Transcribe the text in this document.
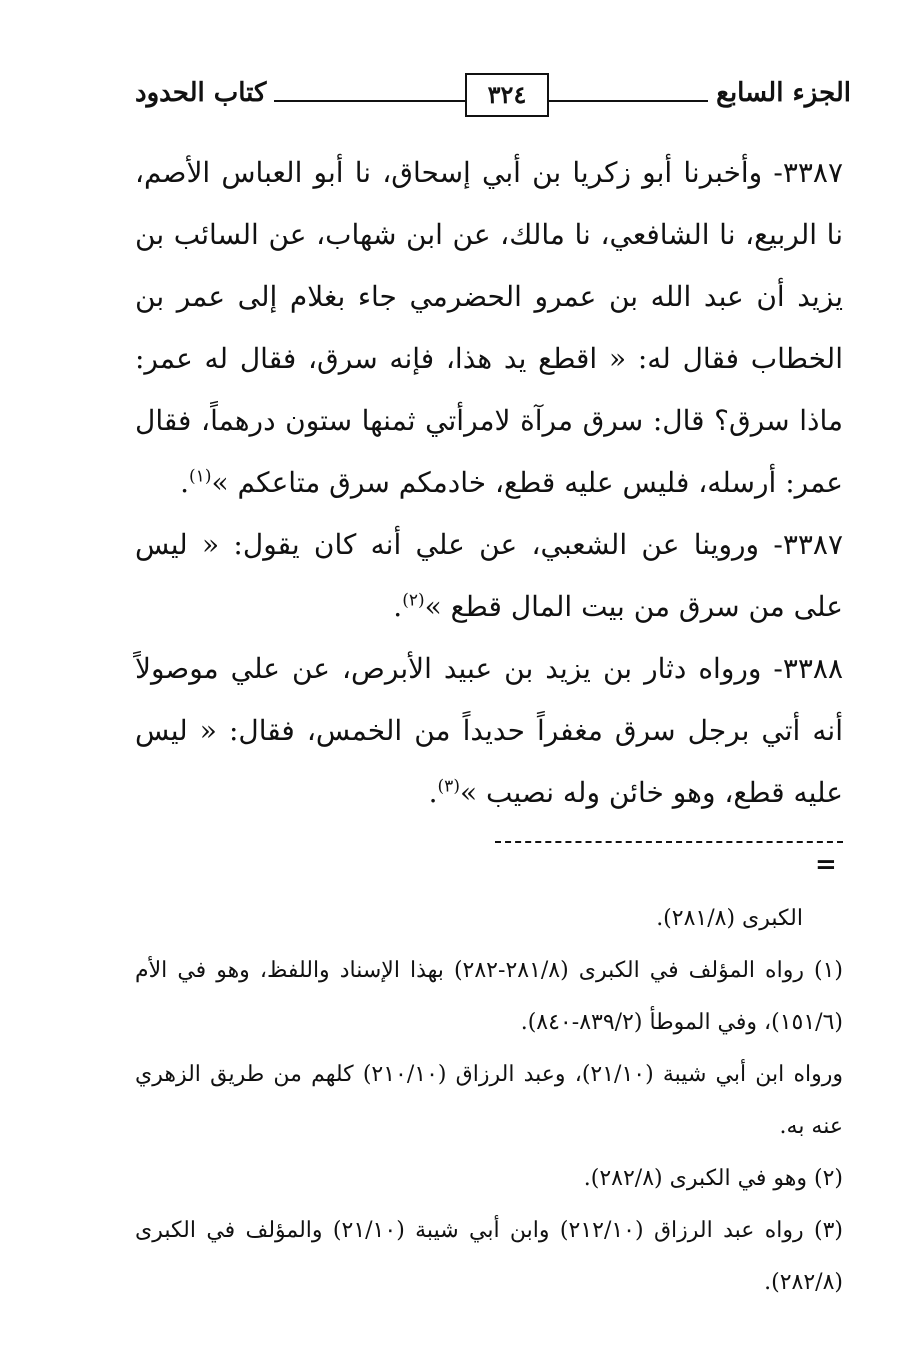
الجزء السابع
٣٢٤
كتاب الحدود

٣٣٨٧- وأخبرنا أبو زكريا بن أبي إسحاق، نا أبو العباس الأصم، نا الربيع، نا الشافعي، نا مالك، عن ابن شهاب، عن السائب بن يزيد أن عبد الله بن عمرو الحضرمي جاء بغلام إلى عمر بن الخطاب فقال له: « اقطع يد هذا، فإنه سرق، فقال له عمر: ماذا سرق؟ قال: سرق مرآة لامرأتي ثمنها ستون درهماً، فقال عمر: أرسله، فليس عليه قطع، خادمكم سرق متاعكم »$^{(١)}$.

٣٣٨٧- وروينا عن الشعبي، عن علي أنه كان يقول: « ليس على من سرق من بيت المال قطع »$^{(٢)}$.

٣٣٨٨- ورواه دثار بن يزيد بن عبيد الأبرص، عن علي موصولاً أنه أتي برجل سرق مغفراً حديداً من الخمس، فقال: « ليس عليه قطع، وهو خائن وله نصيب »$^{(٣)}$.

=

الكبرى (٢٨١/٨).

(١) رواه المؤلف في الكبرى (٢٨١/٨-٢٨٢) بهذا الإسناد واللفظ، وهو في الأم (١٥١/٦)، وفي الموطأ (٨٣٩/٢-٨٤٠).

ورواه ابن أبي شيبة (٢١/١٠)، وعبد الرزاق (٢١٠/١٠) كلهم من طريق الزهري عنه به.

(٢) وهو في الكبرى (٢٨٢/٨).

(٣) رواه عبد الرزاق (٢١٢/١٠) وابن أبي شيبة (٢١/١٠) والمؤلف في الكبرى (٢٨٢/٨).
